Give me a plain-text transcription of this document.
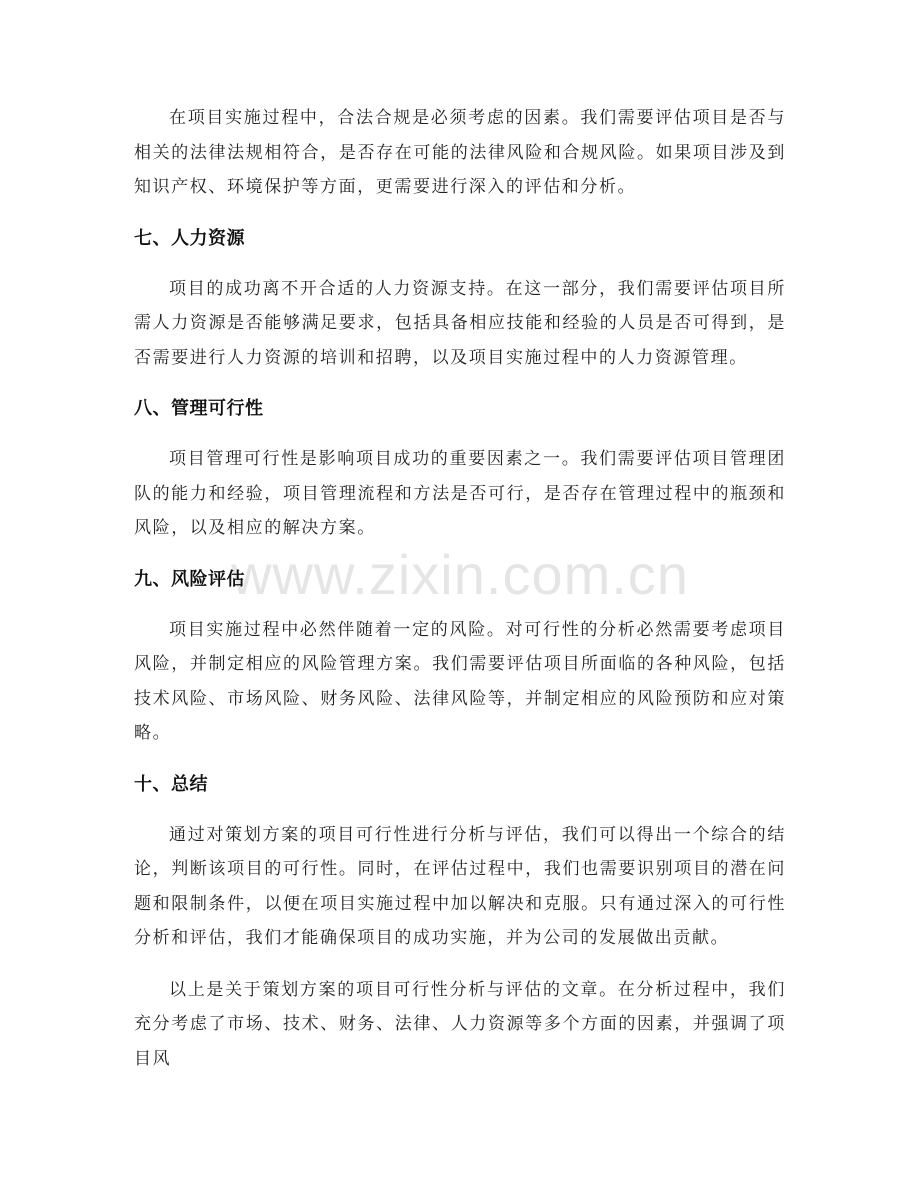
在项目实施过程中，合法合规是必须考虑的因素。我们需要评估项目是否与相关的法律法规相符合，是否存在可能的法律风险和合规风险。如果项目涉及到知识产权、环境保护等方面，更需要进行深入的评估和分析。

七、人力资源

项目的成功离不开合适的人力资源支持。在这一部分，我们需要评估项目所需人力资源是否能够满足要求，包括具备相应技能和经验的人员是否可得到，是否需要进行人力资源的培训和招聘，以及项目实施过程中的人力资源管理。

八、管理可行性

项目管理可行性是影响项目成功的重要因素之一。我们需要评估项目管理团队的能力和经验，项目管理流程和方法是否可行，是否存在管理过程中的瓶颈和风险，以及相应的解决方案。

九、风险评估

项目实施过程中必然伴随着一定的风险。对可行性的分析必然需要考虑项目风险，并制定相应的风险管理方案。我们需要评估项目所面临的各种风险，包括技术风险、市场风险、财务风险、法律风险等，并制定相应的风险预防和应对策略。

十、总结

通过对策划方案的项目可行性进行分析与评估，我们可以得出一个综合的结论，判断该项目的可行性。同时，在评估过程中，我们也需要识别项目的潜在问题和限制条件，以便在项目实施过程中加以解决和克服。只有通过深入的可行性分析和评估，我们才能确保项目的成功实施，并为公司的发展做出贡献。

以上是关于策划方案的项目可行性分析与评估的文章。在分析过程中，我们充分考虑了市场、技术、财务、法律、人力资源等多个方面的因素，并强调了项目风

www.zixin.com.cn
